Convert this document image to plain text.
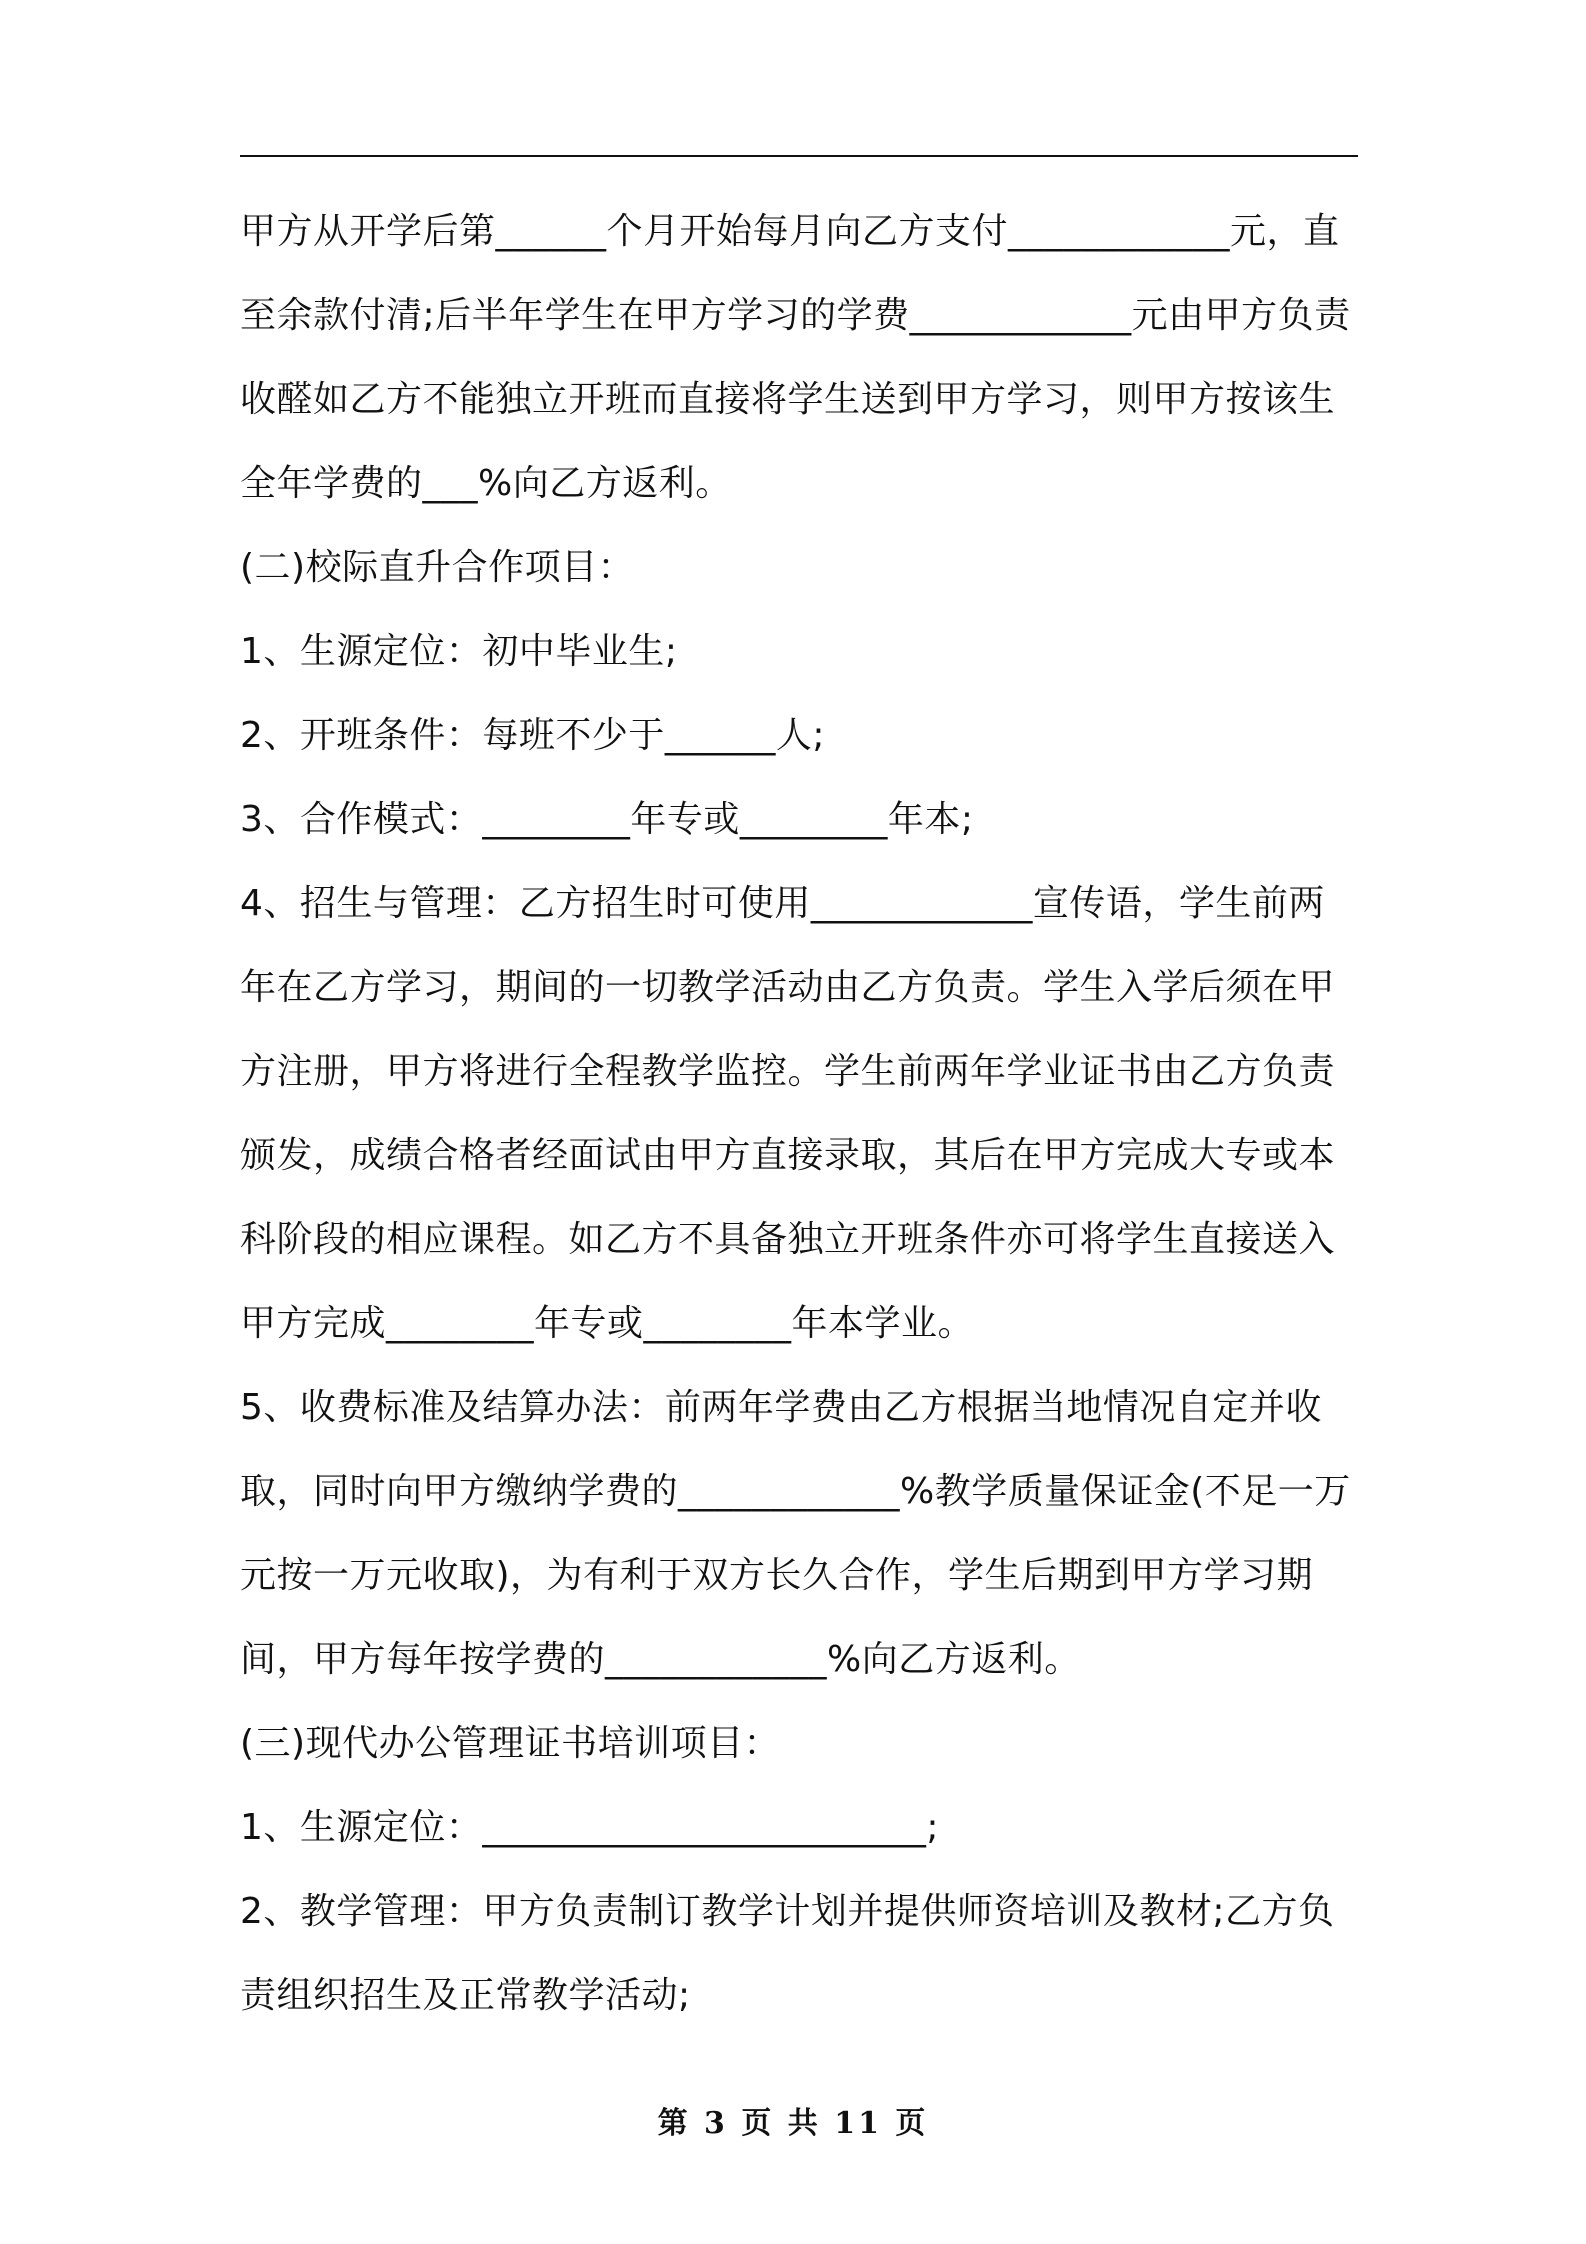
甲方从开学后第______个月开始每月向乙方支付____________元，直至余款付清;后半年学生在甲方学习的学费____________元由甲方负责收醛如乙方不能独立开班而直接将学生送到甲方学习，则甲方按该生全年学费的___%向乙方返利。

(二)校际直升合作项目：

1、生源定位：初中毕业生;

2、开班条件：每班不少于______人;

3、合作模式：________年专或________年本;

4、招生与管理：乙方招生时可使用____________宣传语，学生前两年在乙方学习，期间的一切教学活动由乙方负责。学生入学后须在甲方注册，甲方将进行全程教学监控。学生前两年学业证书由乙方负责颁发，成绩合格者经面试由甲方直接录取，其后在甲方完成大专或本科阶段的相应课程。如乙方不具备独立开班条件亦可将学生直接送入甲方完成________年专或________年本学业。

5、收费标准及结算办法：前两年学费由乙方根据当地情况自定并收取，同时向甲方缴纳学费的____________%教学质量保证金(不足一万元按一万元收取)，为有利于双方长久合作，学生后期到甲方学习期间，甲方每年按学费的____________%向乙方返利。

(三)现代办公管理证书培训项目：

1、生源定位：________________________;

2、教学管理：甲方负责制订教学计划并提供师资培训及教材;乙方负责组织招生及正常教学活动;

第 3 页 共 11 页
